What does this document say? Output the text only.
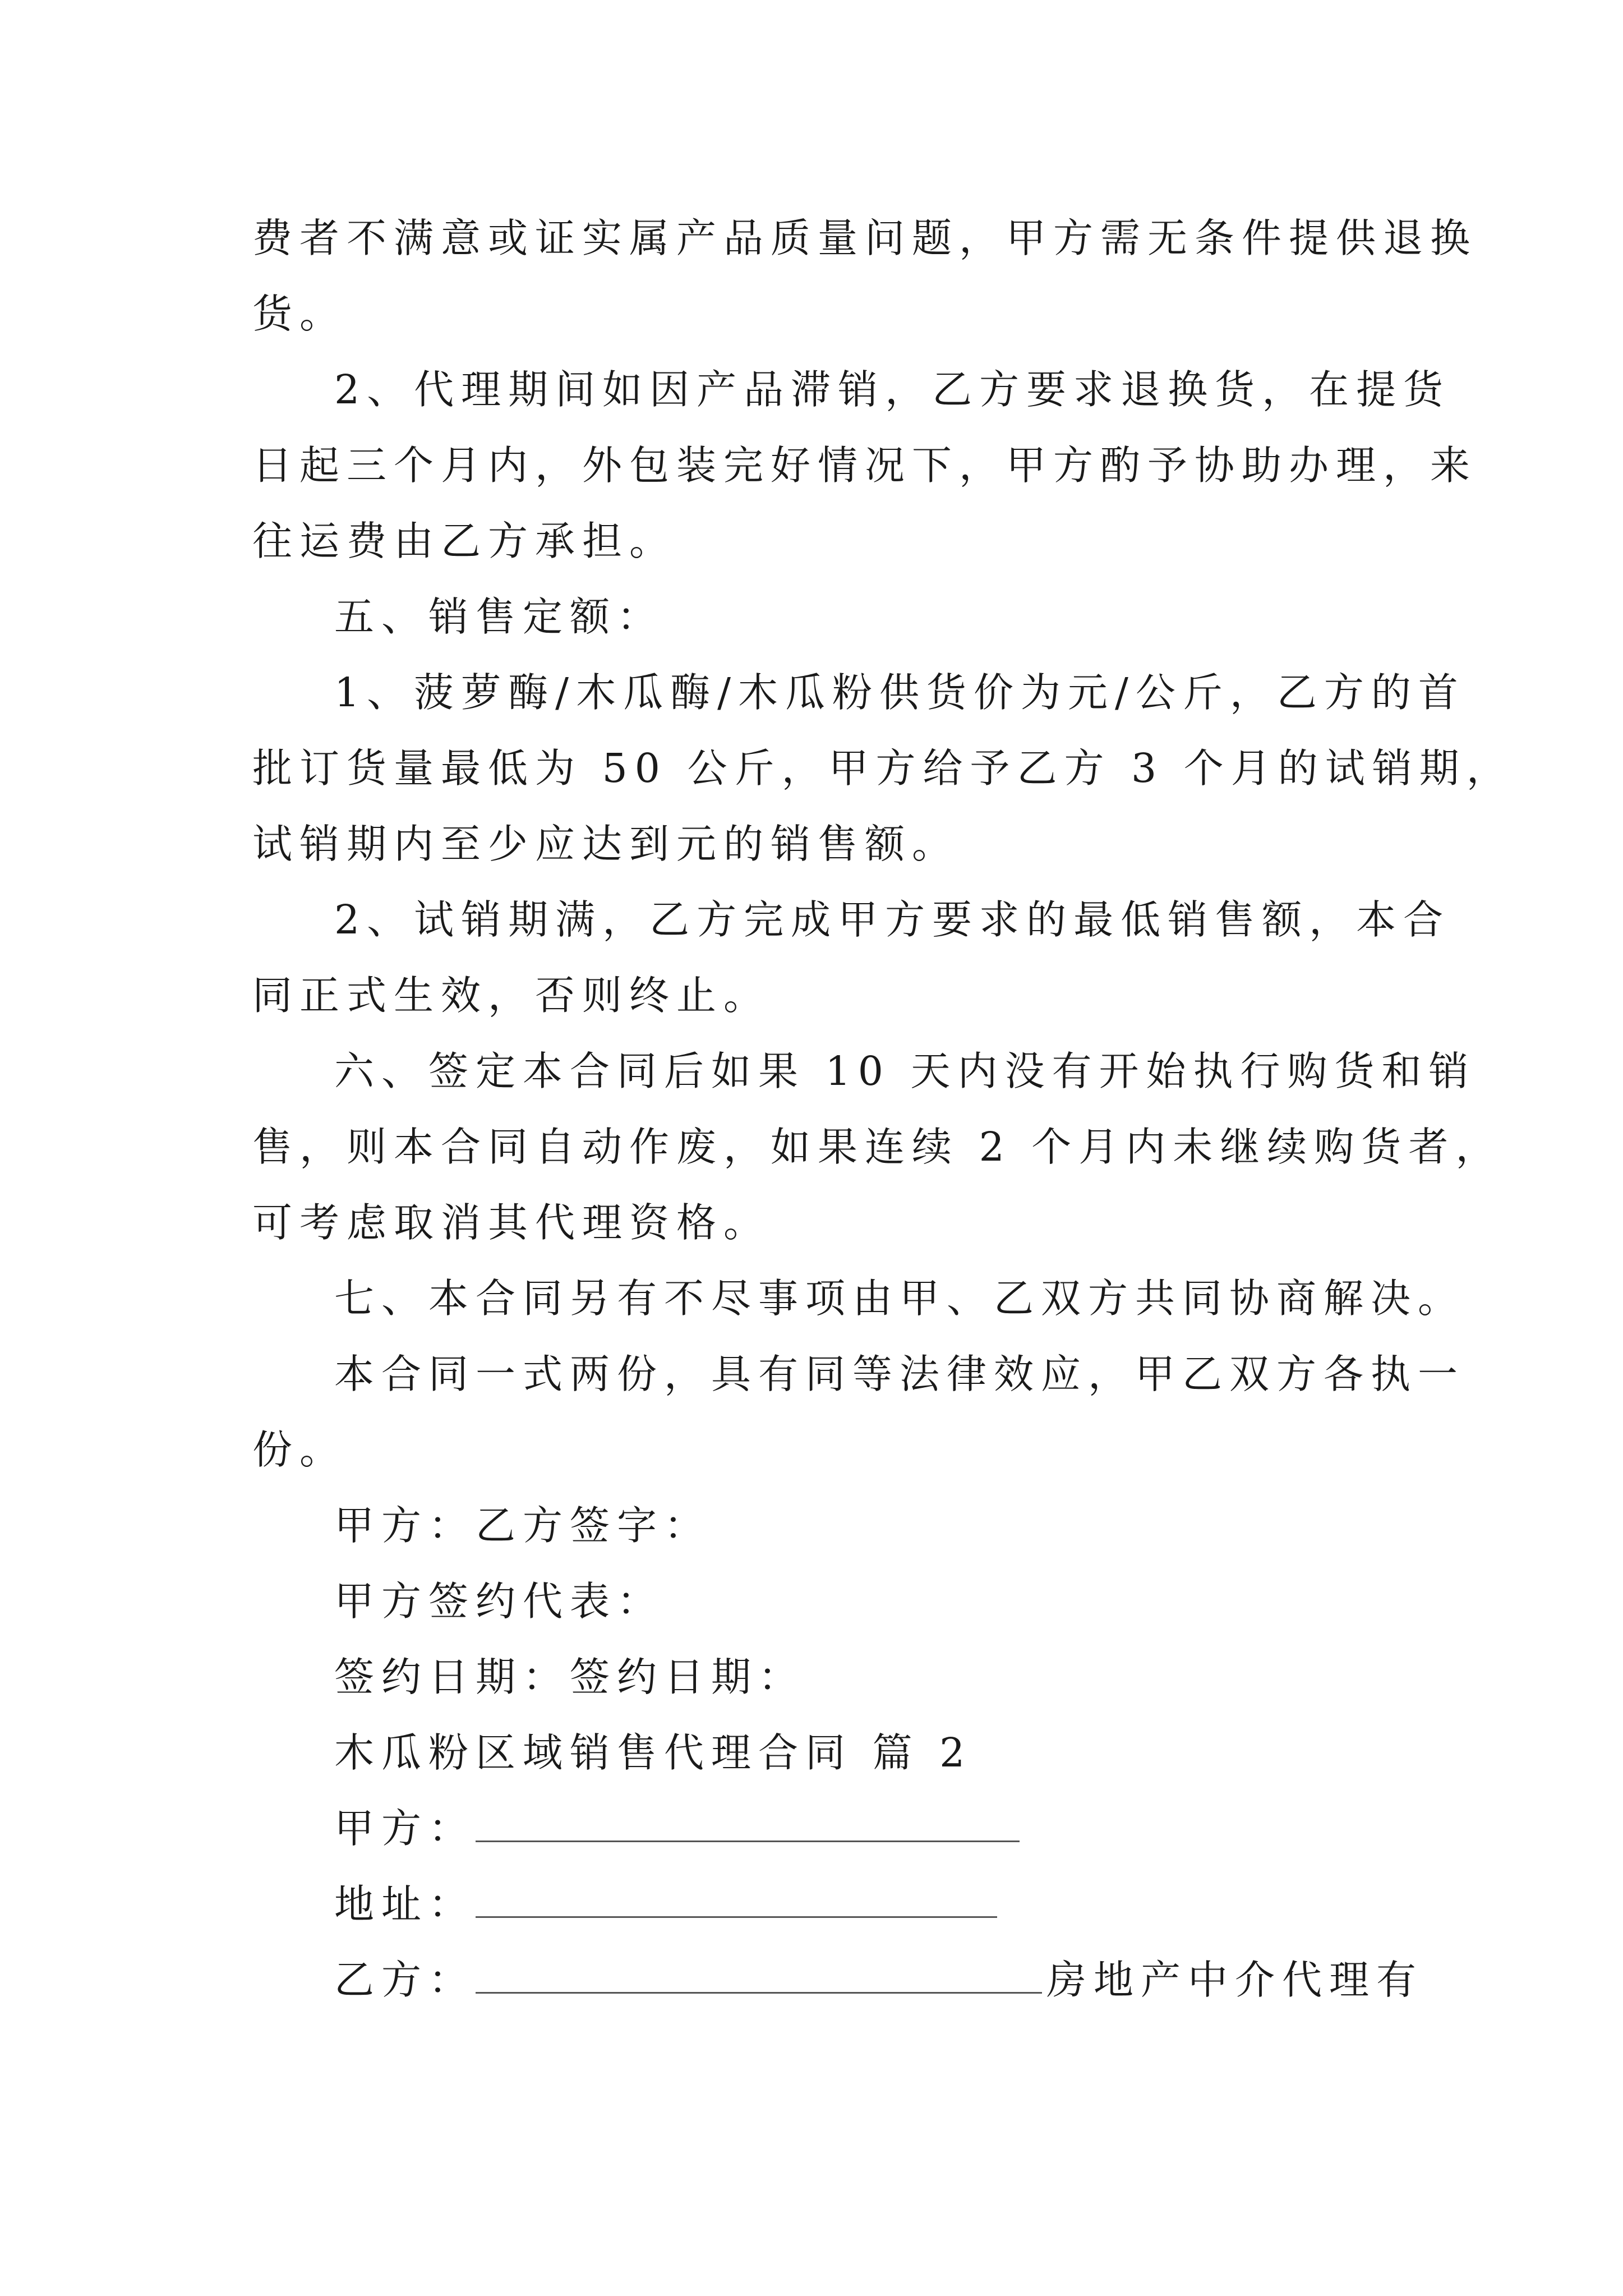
费者不满意或证实属产品质量问题，甲方需无条件提供退换
货。
2、代理期间如因产品滞销，乙方要求退换货，在提货
日起三个月内，外包装完好情况下，甲方酌予协助办理，来
往运费由乙方承担。
五、销售定额：
1、菠萝酶/木瓜酶/木瓜粉供货价为元/公斤，乙方的首
批订货量最低为 50 公斤，甲方给予乙方 3 个月的试销期，
试销期内至少应达到元的销售额。
2、试销期满，乙方完成甲方要求的最低销售额，本合
同正式生效，否则终止。
六、签定本合同后如果 10 天内没有开始执行购货和销
售，则本合同自动作废，如果连续 2 个月内未继续购货者，
可考虑取消其代理资格。
七、本合同另有不尽事项由甲、乙双方共同协商解决。
本合同一式两份，具有同等法律效应，甲乙双方各执一
份。
甲方：乙方签字：
甲方签约代表：
签约日期：签约日期：
木瓜粉区域销售代理合同 篇 2
甲方：
地址：
乙方：	房地产中介代理有
